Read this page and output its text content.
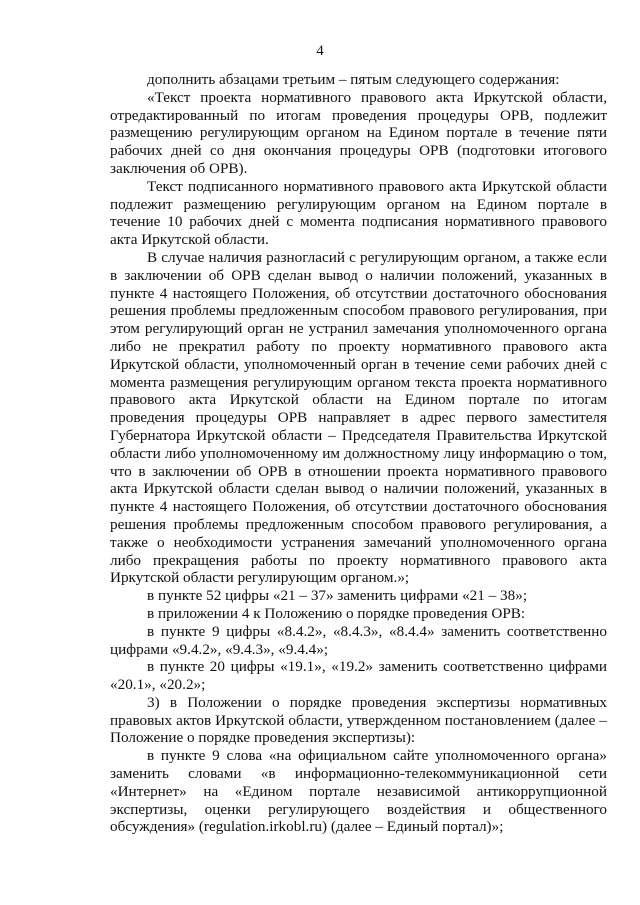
4

дополнить абзацами третьим – пятым следующего содержания:

«Текст проекта нормативного правового акта Иркутской области, отредактированный по итогам проведения процедуры ОРВ, подлежит размещению регулирующим органом на Едином портале в течение пяти рабочих дней со дня окончания процедуры ОРВ (подготовки итогового заключения об ОРВ).

Текст подписанного нормативного правового акта Иркутской области подлежит размещению регулирующим органом на Едином портале в течение 10 рабочих дней с момента подписания нормативного правового акта Иркутской области.

В случае наличия разногласий с регулирующим органом, а также если в заключении об ОРВ сделан вывод о наличии положений, указанных в пункте 4 настоящего Положения, об отсутствии достаточного обоснования решения проблемы предложенным способом правового регулирования, при этом регулирующий орган не устранил замечания уполномоченного органа либо не прекратил работу по проекту нормативного правового акта Иркутской области, уполномоченный орган в течение семи рабочих дней с момента размещения регулирующим органом текста проекта нормативного правового акта Иркутской области на Едином портале по итогам проведения процедуры ОРВ направляет в адрес первого заместителя Губернатора Иркутской области – Председателя Правительства Иркутской области либо уполномоченному им должностному лицу информацию о том, что в заключении об ОРВ в отношении проекта нормативного правового акта Иркутской области сделан вывод о наличии положений, указанных в пункте 4 настоящего Положения, об отсутствии достаточного обоснования решения проблемы предложенным способом правового регулирования, а также о необходимости устранения замечаний уполномоченного органа либо прекращения работы по проекту нормативного правового акта Иркутской области регулирующим органом.»;

в пункте 52 цифры «21 – 37» заменить цифрами «21 – 38»;

в приложении 4 к Положению о порядке проведения ОРВ:

в пункте 9 цифры «8.4.2», «8.4.3», «8.4.4» заменить соответственно цифрами «9.4.2», «9.4.3», «9.4.4»;

в пункте 20 цифры «19.1», «19.2» заменить соответственно цифрами «20.1», «20.2»;

3) в Положении о порядке проведения экспертизы нормативных правовых актов Иркутской области, утвержденном постановлением (далее – Положение о порядке проведения экспертизы):

в пункте 9 слова «на официальном сайте уполномоченного органа» заменить словами «в информационно-телекоммуникационной сети «Интернет» на «Едином портале независимой антикоррупционной экспертизы, оценки регулирующего воздействия и общественного обсуждения» (regulation.irkobl.ru) (далее – Единый портал)»;
